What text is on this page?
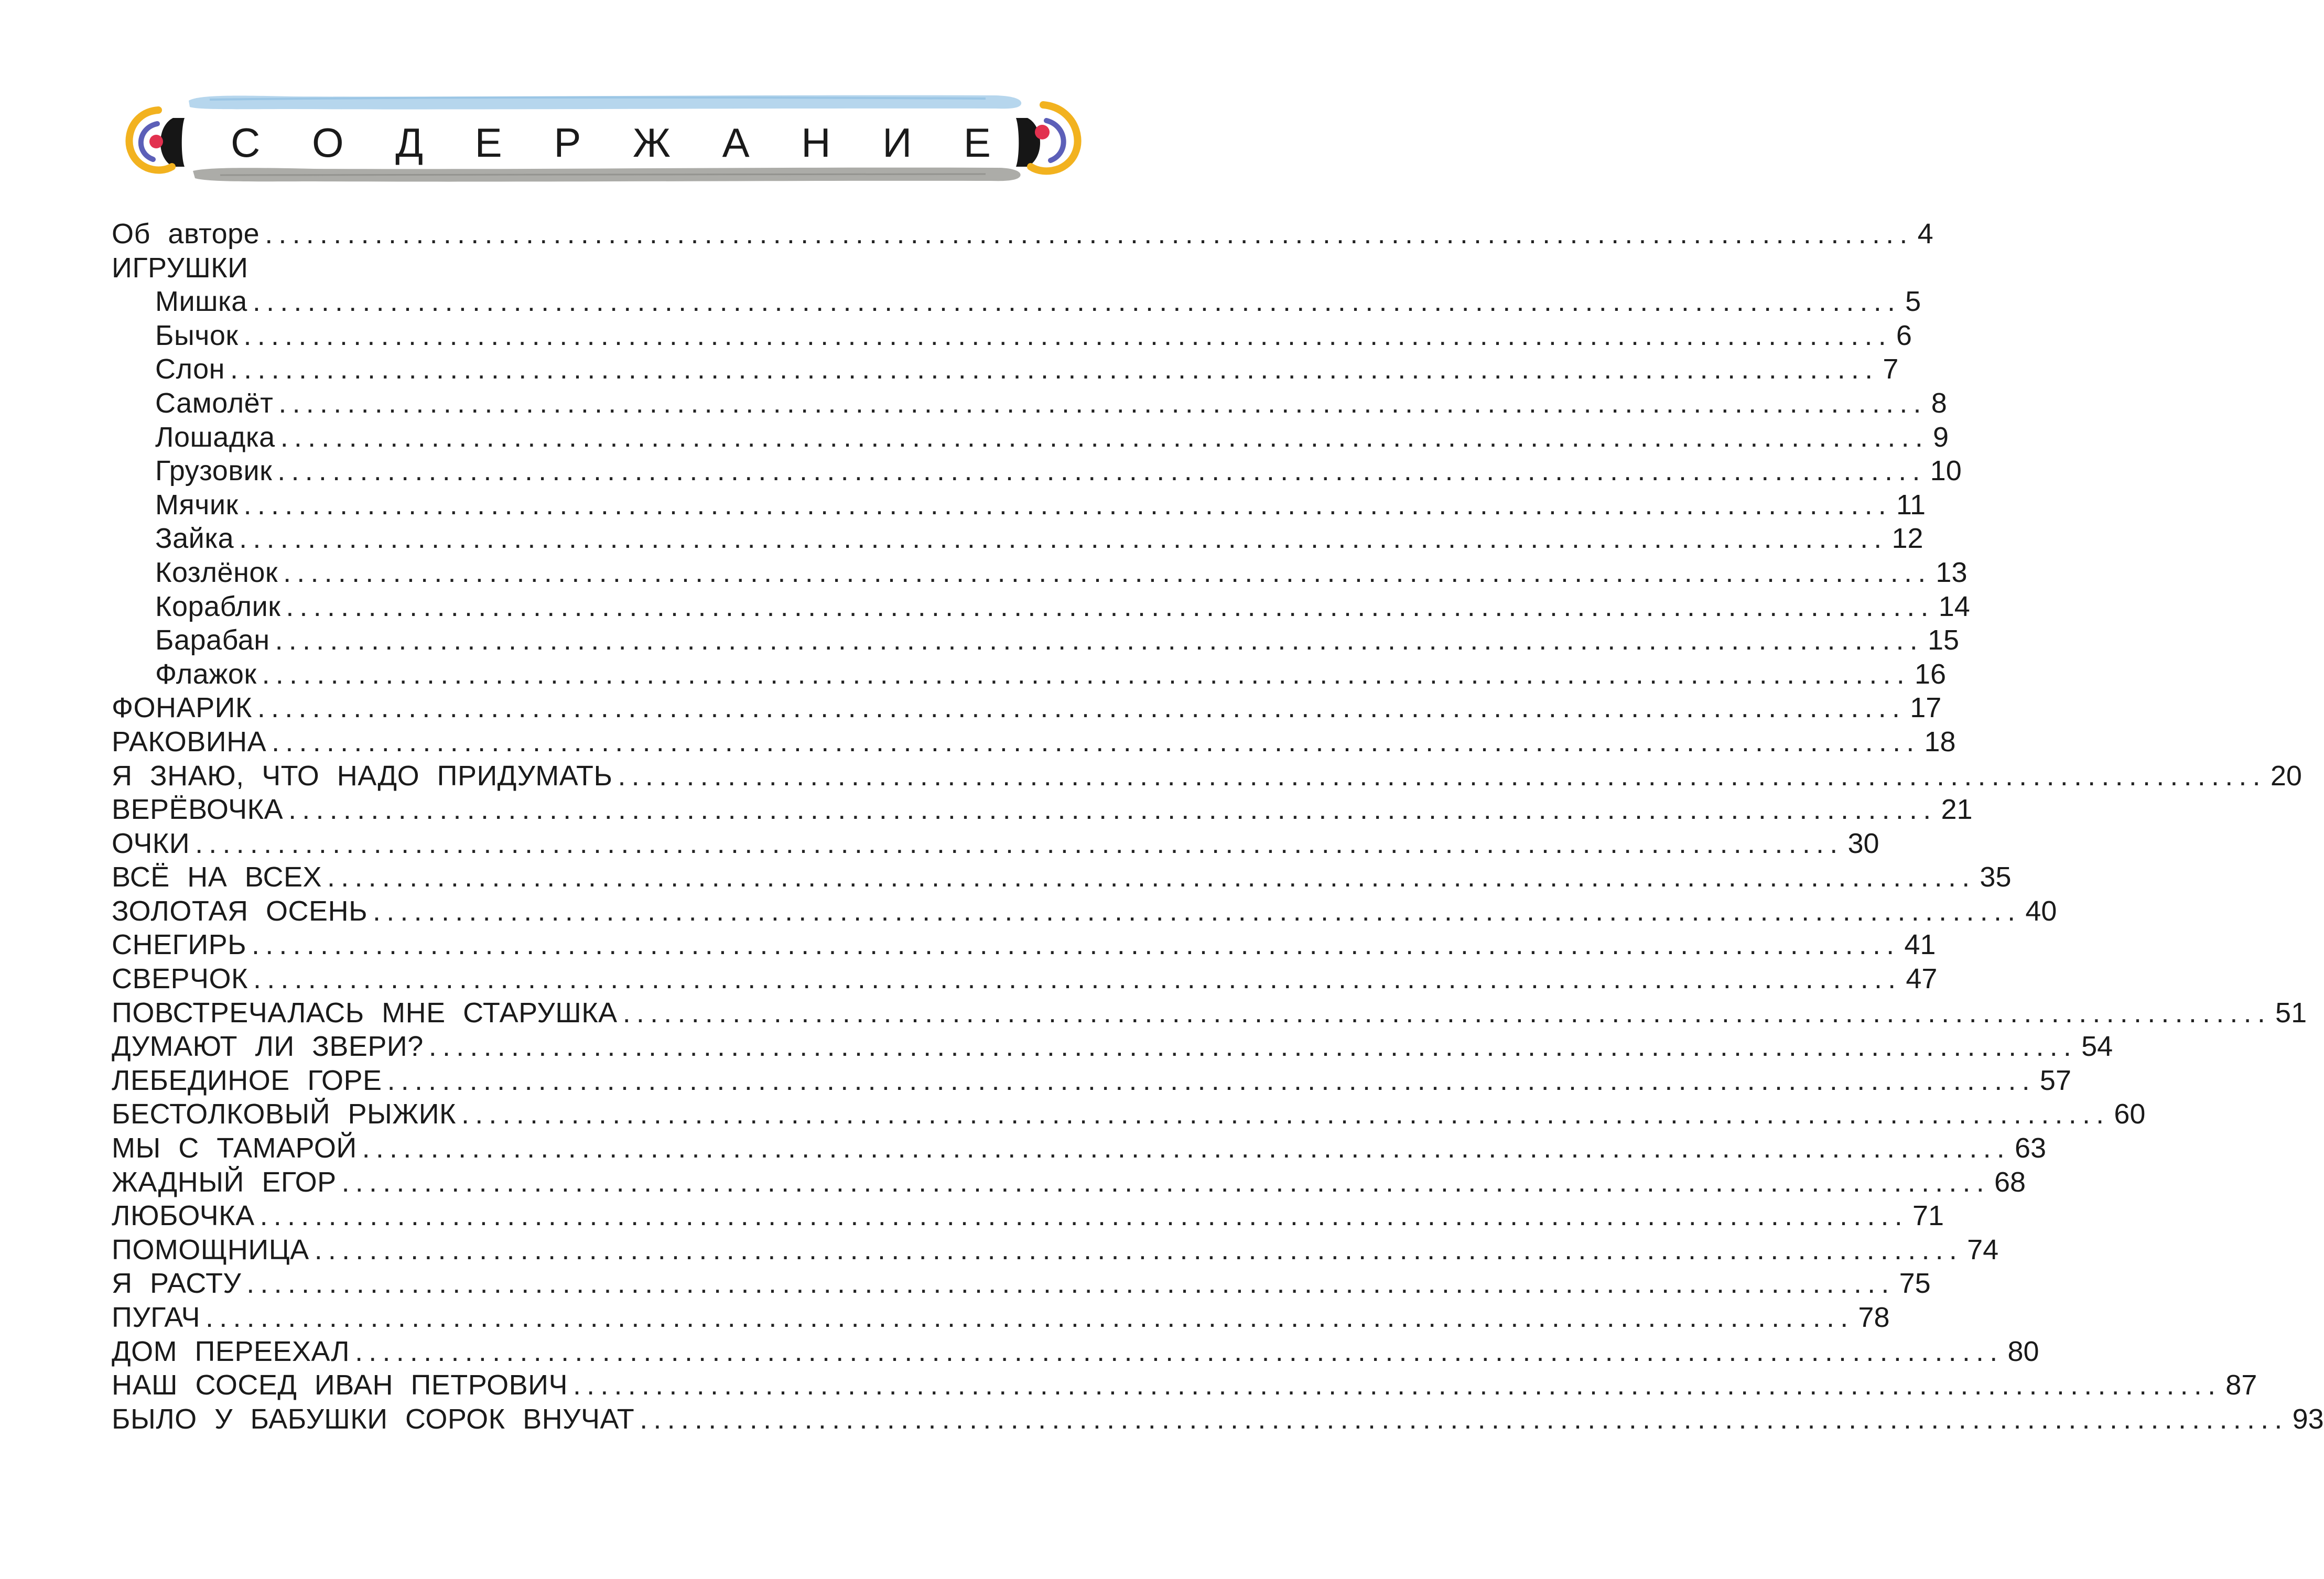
С О Д Е Р Ж А Н И Е
Об автоpе ........................................................................................................................ 4
ИГРУШКИ
Мишка ........................................................................................................................ 5
Бычок ........................................................................................................................ 6
Слон ........................................................................................................................ 7
Самолёт ........................................................................................................................ 8
Лошадка ........................................................................................................................ 9
Грузовик ........................................................................................................................ 10
Мячик ........................................................................................................................ 11
Зайка ........................................................................................................................ 12
Козлёнок ........................................................................................................................ 13
Кораблик ........................................................................................................................ 14
Барабан ........................................................................................................................ 15
Флажок ........................................................................................................................ 16
ФОНАРИК ........................................................................................................................ 17
РАКОВИНА ........................................................................................................................ 18
Я ЗНАЮ, ЧТО НАДО ПРИДУМАТЬ ........................................................................................................................ 20
ВЕРЁВОЧКА ........................................................................................................................ 21
ОЧКИ ........................................................................................................................ 30
ВСЁ НА ВСЕХ ........................................................................................................................ 35
ЗОЛОТАЯ ОСЕНЬ ........................................................................................................................ 40
СНЕГИРЬ ........................................................................................................................ 41
СВЕРЧОК ........................................................................................................................ 47
ПОВСТРЕЧАЛАСЬ МНЕ СТАРУШКА ........................................................................................................................ 51
ДУМАЮТ ЛИ ЗВЕРИ? ........................................................................................................................ 54
ЛЕБЕДИНОЕ ГОРЕ ........................................................................................................................ 57
БЕСТОЛКОВЫЙ РЫЖИК ........................................................................................................................ 60
МЫ С ТАМАРОЙ ........................................................................................................................ 63
ЖАДНЫЙ ЕГОР ........................................................................................................................ 68
ЛЮБОЧКА ........................................................................................................................ 71
ПОМОЩНИЦА ........................................................................................................................ 74
Я РАСТУ ........................................................................................................................ 75
ПУГАЧ ........................................................................................................................ 78
ДОМ ПЕРЕЕХАЛ ........................................................................................................................ 80
НАШ СОСЕД ИВАН ПЕТРОВИЧ ........................................................................................................................ 87
БЫЛО У БАБУШКИ СОРОК ВНУЧАТ ........................................................................................................................ 93
